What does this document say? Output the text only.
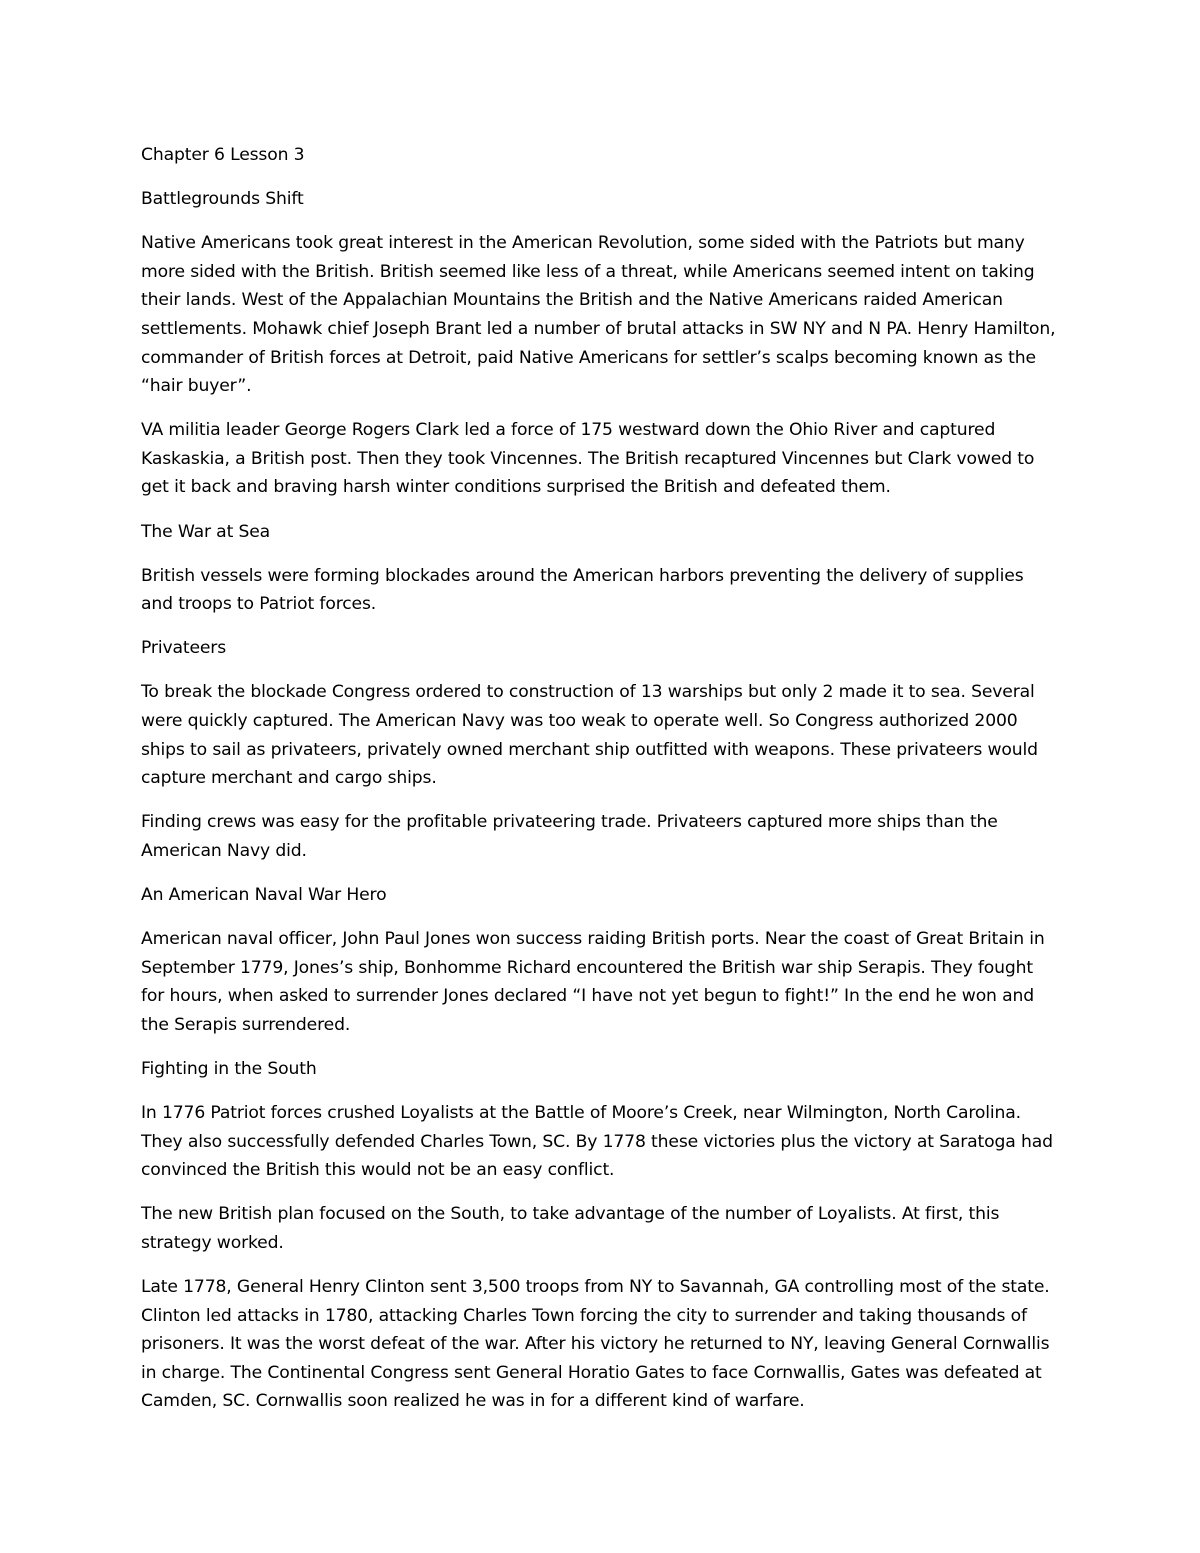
Chapter 6 Lesson 3

Battlegrounds Shift

Native Americans took great interest in the American Revolution, some sided with the Patriots but many more sided with the British. British seemed like less of a threat, while Americans seemed intent on taking their lands. West of the Appalachian Mountains the British and the Native Americans raided American settlements. Mohawk chief Joseph Brant led a number of brutal attacks in SW NY and N PA. Henry Hamilton, commander of British forces at Detroit, paid Native Americans for settler’s scalps becoming known as the “hair buyer”.

VA militia leader George Rogers Clark led a force of 175 westward down the Ohio River and captured Kaskaskia, a British post. Then they took Vincennes. The British recaptured Vincennes but Clark vowed to get it back and braving harsh winter conditions surprised the British and defeated them.

The War at Sea

British vessels were forming blockades around the American harbors preventing the delivery of supplies and troops to Patriot forces.

Privateers

To break the blockade Congress ordered to construction of 13 warships but only 2 made it to sea. Several were quickly captured. The American Navy was too weak to operate well. So Congress authorized 2000 ships to sail as privateers, privately owned merchant ship outfitted with weapons. These privateers would capture merchant and cargo ships.

Finding crews was easy for the profitable privateering trade. Privateers captured more ships than the American Navy did.

An American Naval War Hero

American naval officer, John Paul Jones won success raiding British ports. Near the coast of Great Britain in September 1779, Jones’s ship, Bonhomme Richard encountered the British war ship Serapis. They fought for hours, when asked to surrender Jones declared “I have not yet begun to fight!” In the end he won and the Serapis surrendered.

Fighting in the South

In 1776 Patriot forces crushed Loyalists at the Battle of Moore’s Creek, near Wilmington, North Carolina. They also successfully defended Charles Town, SC. By 1778 these victories plus the victory at Saratoga had convinced the British this would not be an easy conflict.

The new British plan focused on the South, to take advantage of the number of Loyalists. At first, this strategy worked.

Late 1778, General Henry Clinton sent 3,500 troops from NY to Savannah, GA controlling most of the state. Clinton led attacks in 1780, attacking Charles Town forcing the city to surrender and taking thousands of prisoners. It was the worst defeat of the war. After his victory he returned to NY, leaving General Cornwallis in charge. The Continental Congress sent General Horatio Gates to face Cornwallis, Gates was defeated at Camden, SC. Cornwallis soon realized he was in for a different kind of warfare.
